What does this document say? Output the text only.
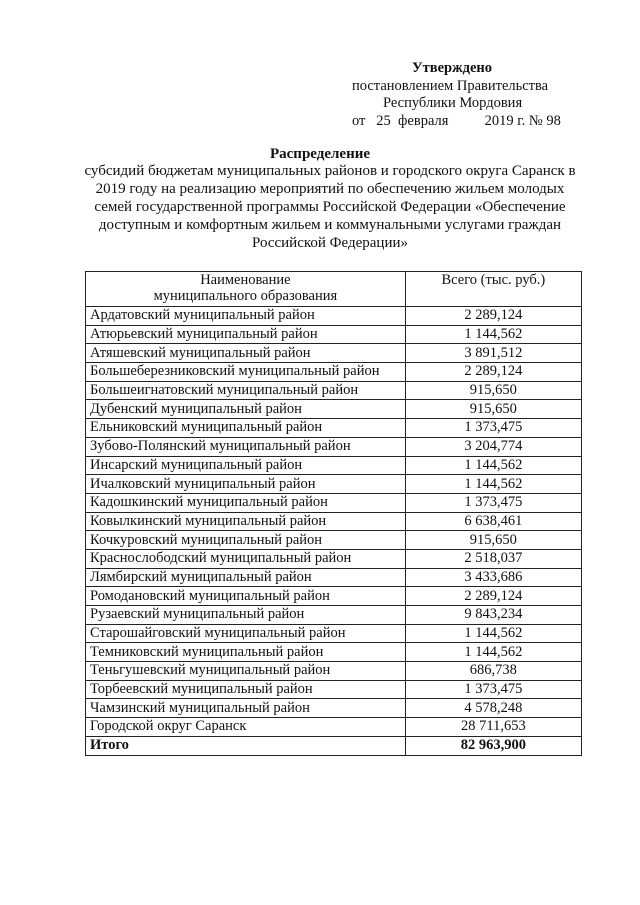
Утверждено
постановлением Правительства
Республики Мордовия
от   25  февраля          2019 г. № 98
Распределение
субсидий бюджетам муниципальных районов и городского округа Саранск в 2019 году на реализацию мероприятий по обеспечению жильем молодых семей государственной программы Российской Федерации «Обеспечение доступным и комфортным жильем и коммунальными услугами граждан Российской Федерации»
Наименование
муниципального образования	Всего (тыс. руб.)
Ардатовский муниципальный район	2 289,124
Атюрьевский муниципальный район	1 144,562
Атяшевский муниципальный район	3 891,512
Большеберезниковский муниципальный район	2 289,124
Большеигнатовский муниципальный район	915,650
Дубенский муниципальный район	915,650
Ельниковский муниципальный район	1 373,475
Зубово-Полянский муниципальный район	3 204,774
Инсарский муниципальный район	1 144,562
Ичалковский муниципальный район	1 144,562
Кадошкинский муниципальный район	1 373,475
Ковылкинский муниципальный район	6 638,461
Кочкуровский муниципальный район	915,650
Краснослободский муниципальный район	2 518,037
Лямбирский муниципальный район	3 433,686
Ромодановский муниципальный район	2 289,124
Рузаевский муниципальный район	9 843,234
Старошайговский муниципальный район	1 144,562
Темниковский муниципальный район	1 144,562
Теньгушевский муниципальный район	686,738
Торбеевский муниципальный район	1 373,475
Чамзинский муниципальный район	4 578,248
Городской округ Саранск	28 711,653
Итого	82 963,900
